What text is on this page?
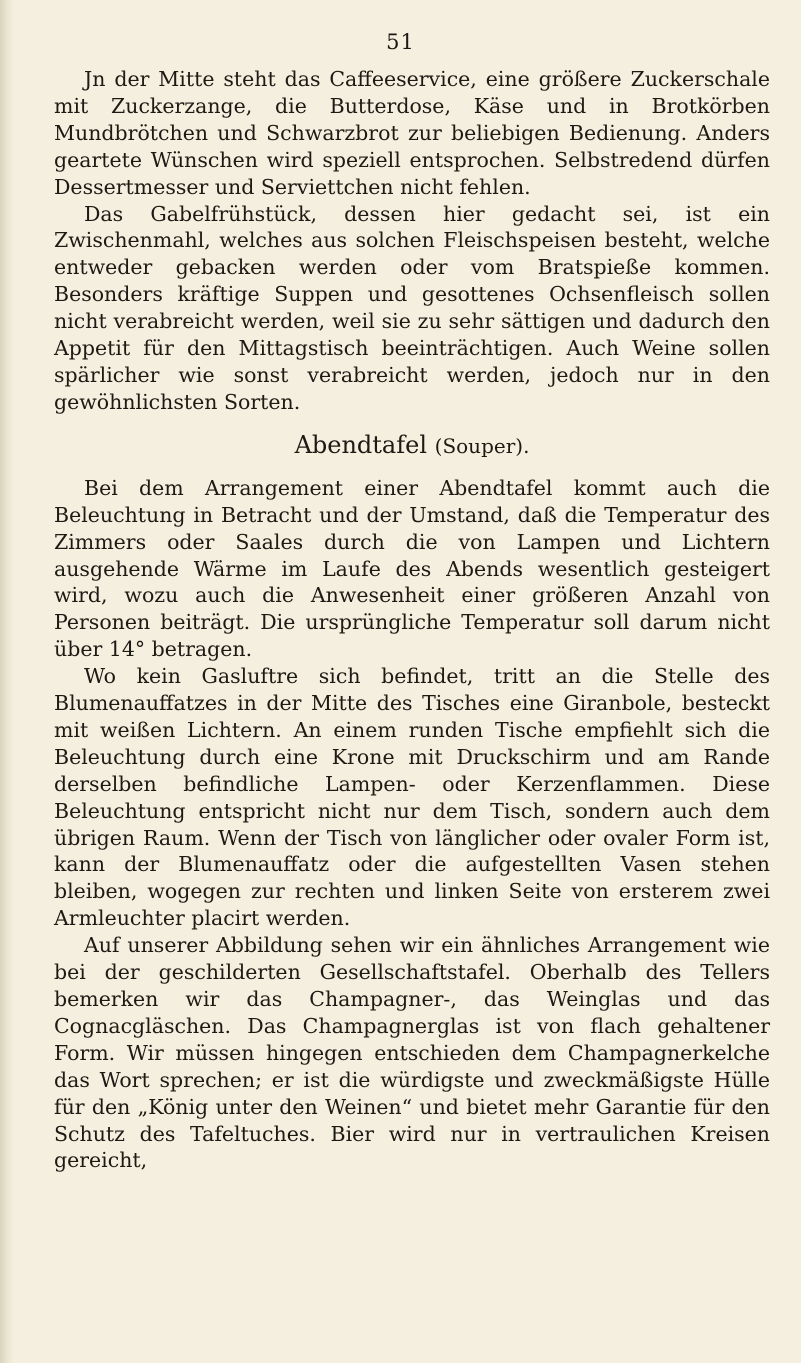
51

Jn der Mitte steht das Caffeeservice, eine größere Zuckerschale mit Zuckerzange, die Butterdose, Käse und in Brotkörben Mundbrötchen und Schwarzbrot zur beliebigen Bedienung. Anders geartete Wünschen wird speziell entsprochen. Selbstredend dürfen Dessertmesser und Serviettchen nicht fehlen.

Das Gabelfrühstück, dessen hier gedacht sei, ist ein Zwischenmahl, welches aus solchen Fleischspeisen besteht, welche entweder gebacken werden oder vom Bratspieße kommen. Besonders kräftige Suppen und gesottenes Ochsenfleisch sollen nicht verabreicht werden, weil sie zu sehr sättigen und dadurch den Appetit für den Mittagstisch beeinträchtigen. Auch Weine sollen spärlicher wie sonst verabreicht werden, jedoch nur in den gewöhnlichsten Sorten.

Abendtafel (Souper).

Bei dem Arrangement einer Abendtafel kommt auch die Beleuchtung in Betracht und der Umstand, daß die Temperatur des Zimmers oder Saales durch die von Lampen und Lichtern ausgehende Wärme im Laufe des Abends wesentlich gesteigert wird, wozu auch die Anwesenheit einer größeren Anzahl von Personen beiträgt. Die ursprüngliche Temperatur soll darum nicht über 14° betragen.

Wo kein Gasluftre sich befindet, tritt an die Stelle des Blumenauffatzes in der Mitte des Tisches eine Giranbole, besteckt mit weißen Lichtern. An einem runden Tische empfiehlt sich die Beleuchtung durch eine Krone mit Druckschirm und am Rande derselben befindliche Lampen- oder Kerzenflammen. Diese Beleuchtung entspricht nicht nur dem Tisch, sondern auch dem übrigen Raum. Wenn der Tisch von länglicher oder ovaler Form ist, kann der Blumenauffatz oder die aufgestellten Vasen stehen bleiben, wogegen zur rechten und linken Seite von ersterem zwei Armleuchter placirt werden.

Auf unserer Abbildung sehen wir ein ähnliches Arrangement wie bei der geschilderten Gesellschaftstafel. Oberhalb des Tellers bemerken wir das Champagner-, das Weinglas und das Cognacgläschen. Das Champagnerglas ist von flach gehaltener Form. Wir müssen hingegen entschieden dem Champagnerkelche das Wort sprechen; er ist die würdigste und zweckmäßigste Hülle für den „König unter den Weinen“ und bietet mehr Garantie für den Schutz des Tafeltuches. Bier wird nur in vertraulichen Kreisen gereicht,
